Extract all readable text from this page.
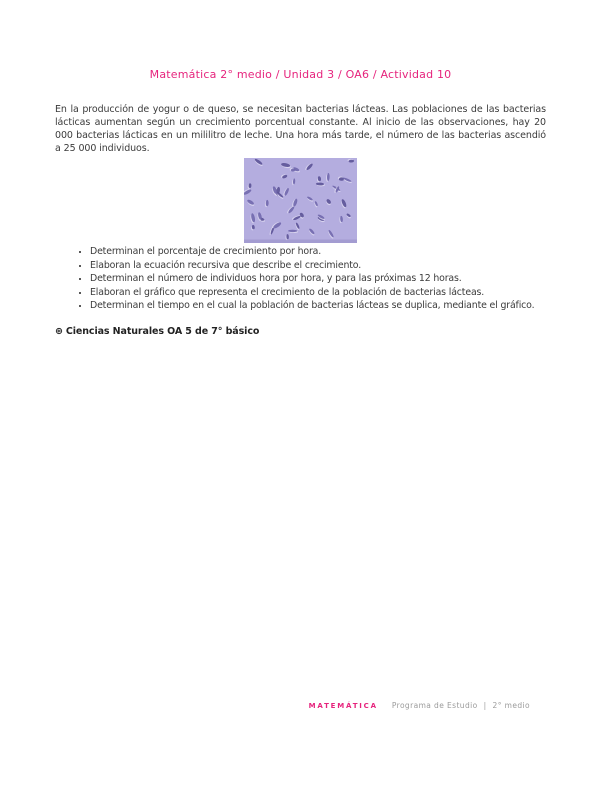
Matemática 2° medio / Unidad 3 / OA6 / Actividad 10

En la producción de yogur o de queso, se necesitan bacterias lácteas. Las poblaciones de las bacterias lácticas aumentan según un crecimiento porcentual constante. Al inicio de las observaciones, hay 20 000 bacterias lácticas en un mililitro de leche. Una hora más tarde, el número de las bacterias ascendió a 25 000 individuos.

• Determinan el porcentaje de crecimiento por hora.
• Elaboran la ecuación recursiva que describe el crecimiento.
• Determinan el número de individuos hora por hora, y para las próximas 12 horas.
• Elaboran el gráfico que representa el crecimiento de la población de bacterias lácteas.
• Determinan el tiempo en el cual la población de bacterias lácteas se duplica, mediante el gráfico.

⊛ Ciencias Naturales OA 5 de 7° básico

MATEMÁTICA Programa de Estudio | 2° medio
